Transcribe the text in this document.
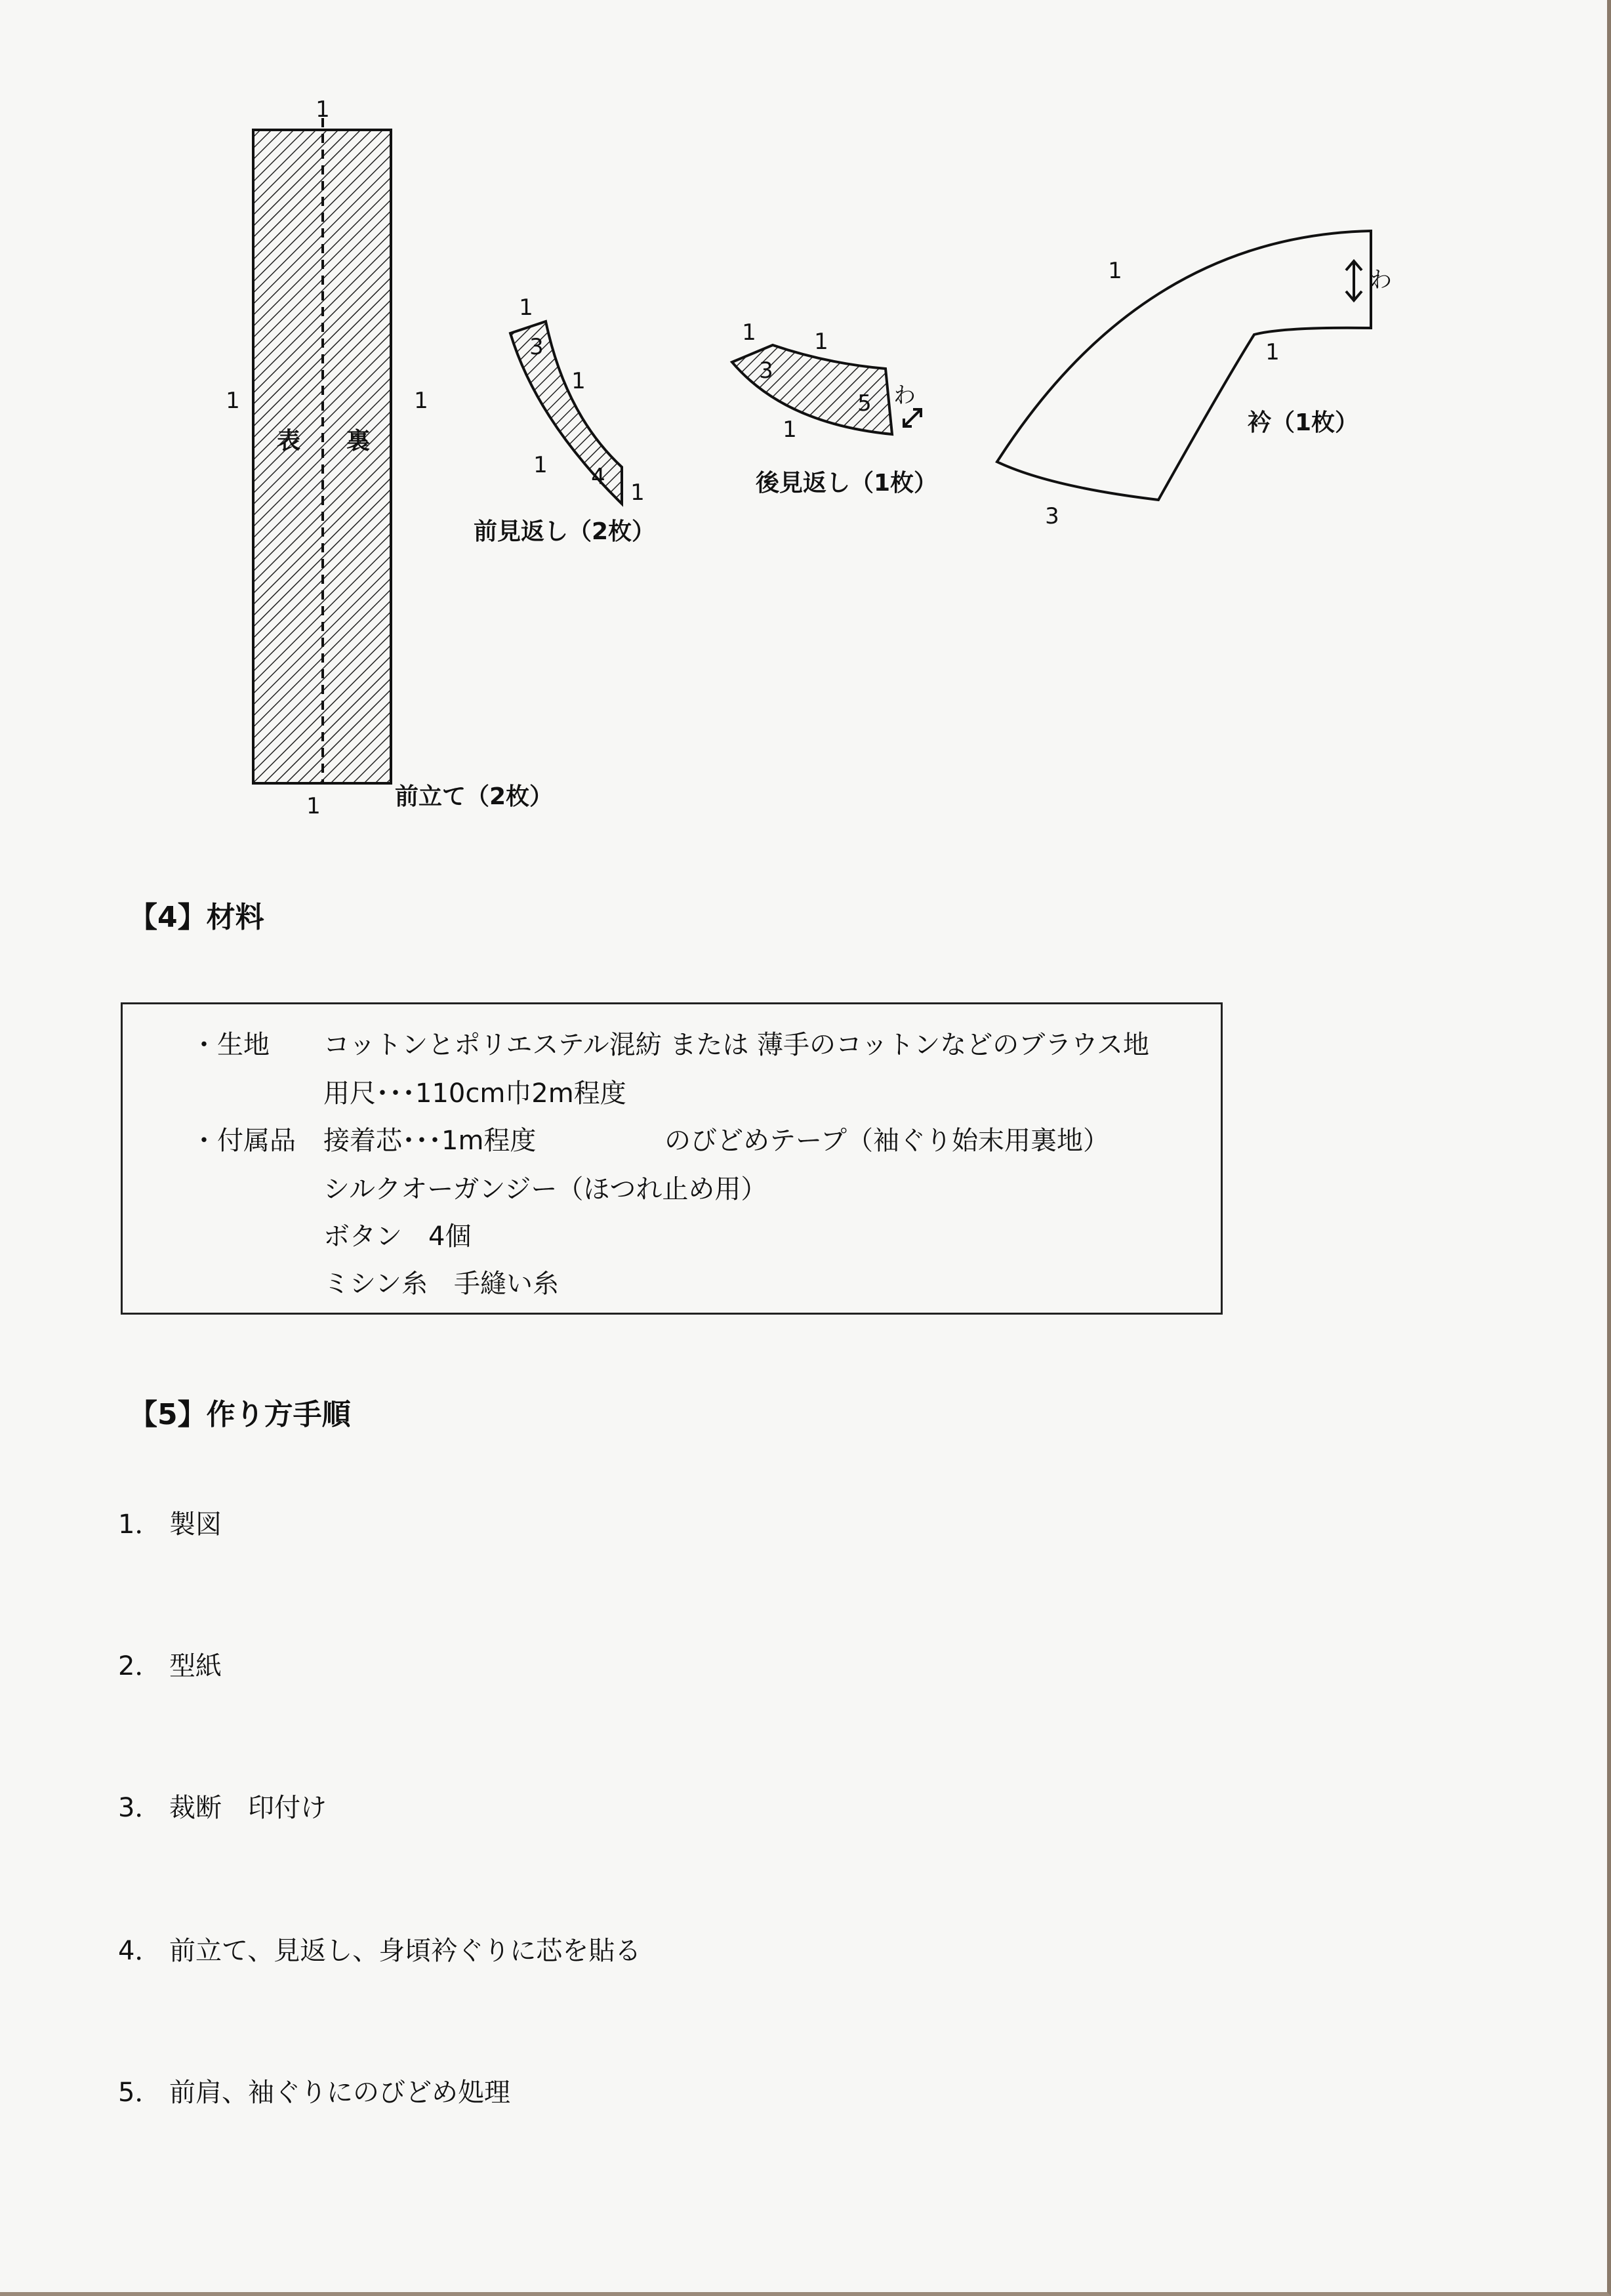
1
1	1
1
表 裏
前立て（2枚）
1
3
1
1 4
1
前見返し（2枚）
1	1
3
5
1
わ
後見返し（1枚）
1
1
3
わ
衿（1枚）
【4】材料
・生地 コットンとポリエステル混紡 または 薄手のコットンなどのブラウス地
用尺･･･110cm巾2m程度
・付属品 接着芯･･･1m程度	のびどめテープ（袖ぐり始末用裏地）
シルクオーガンジー（ほつれ止め用）
ボタン　4個
ミシン糸　手縫い糸
【5】作り方手順
1． 製図
2． 型紙
3． 裁断　印付け
4． 前立て、見返し、身頃衿ぐりに芯を貼る
5． 前肩、袖ぐりにのびどめ処理
